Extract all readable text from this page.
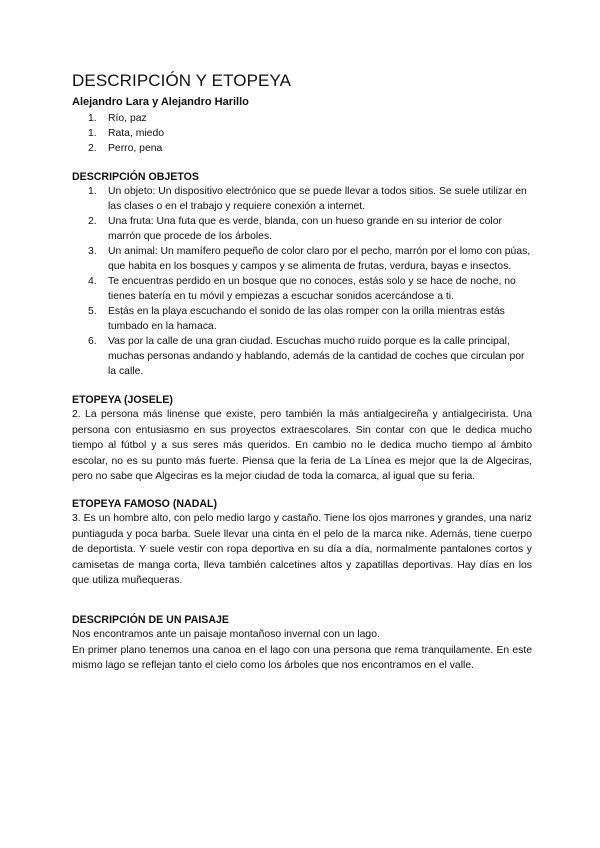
DESCRIPCIÓN Y ETOPEYA
Alejandro Lara y Alejandro Harillo
1. Río, paz
1. Rata, miedo
2. Perro, pena
DESCRIPCIÓN OBJETOS
1. Un objeto: Un dispositivo electrónico que se puede llevar a todos sitios. Se suele utilizar en las clases o en el trabajo y requiere conexión a internet.
2. Una fruta: Una futa que es verde, blanda, con un hueso grande en su interior de color marrón que procede de los árboles.
3. Un animal: Un mamífero pequeño de color claro por el pecho, marrón por el lomo con púas, que habita en los bosques y campos y se alimenta de frutas, verdura, bayas e insectos.
4. Te encuentras perdido en un bosque que no conoces, estás solo y se hace de noche, no tienes batería en tu móvil y empiezas a escuchar sonidos acercándose a ti.
5. Estás en la playa escuchando el sonido de las olas romper con la orilla mientras estás tumbado en la hamaca.
6. Vas por la calle de una gran ciudad. Escuchas mucho ruido porque es la calle principal, muchas personas andando y hablando, además de la cantidad de coches que circulan por la calle.
ETOPEYA (JOSELE)

2. La persona más linense que existe, pero también la más antialgecireña y antialgecirista. Una persona con entusiasmo en sus proyectos extraescolares. Sin contar con que le dedica mucho tiempo al fútbol y a sus seres más queridos. En cambio no le dedica mucho tiempo al ámbito escolar, no es su punto más fuerte. Piensa que la feria de La Línea es mejor que la de Algeciras, pero no sabe que Algeciras es la mejor ciudad de toda la comarca, al igual que su feria.

ETOPEYA FAMOSO (NADAL)

3. Es un hombre alto, con pelo medio largo y castaño. Tiene los ojos marrones y grandes, una nariz puntiaguda y poca barba. Suele llevar una cinta en el pelo de la marca nike. Además, tiene cuerpo de deportista. Y suele vestir con ropa deportiva en su día a día, normalmente pantalones cortos y camisetas de manga corta, lleva también calcetines altos y zapatillas deportivas. Hay días en los que utiliza muñequeras.

DESCRIPCIÓN DE UN PAISAJE

Nos encontramos ante un paisaje montañoso invernal con un lago.

En primer plano tenemos una canoa en el lago con una persona que rema tranquilamente. En este mismo lago se reflejan tanto el cielo como los árboles que nos encontramos en el valle.
